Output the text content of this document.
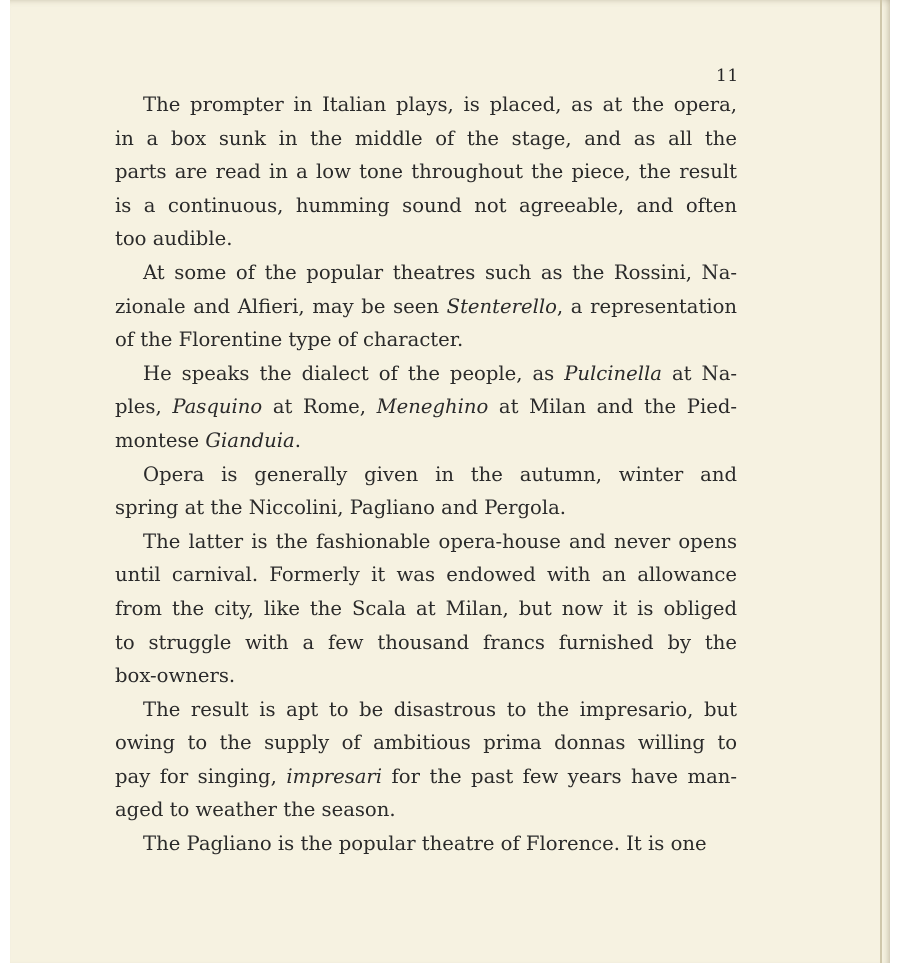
11
The prompter in Italian plays, is placed, as at the opera,
in a box sunk in the middle of the stage, and as all the
parts are read in a low tone throughout the piece, the result
is a continuous, humming sound not agreeable, and often
too audible.
At some of the popular theatres such as the Rossini, Na-
zionale and Alfieri, may be seen Stenterello, a representation
of the Florentine type of character.
He speaks the dialect of the people, as Pulcinella at Na-
ples, Pasquino at Rome, Meneghino at Milan and the Pied-
montese Gianduia.
Opera is generally given in the autumn, winter and
spring at the Niccolini, Pagliano and Pergola.
The latter is the fashionable opera-house and never opens
until carnival. Formerly it was endowed with an allowance
from the city, like the Scala at Milan, but now it is obliged
to struggle with a few thousand francs furnished by the
box-owners.
The result is apt to be disastrous to the impresario, but
owing to the supply of ambitious prima donnas willing to
pay for singing, impresari for the past few years have man-
aged to weather the season.
The Pagliano is the popular theatre of Florence. It is one
